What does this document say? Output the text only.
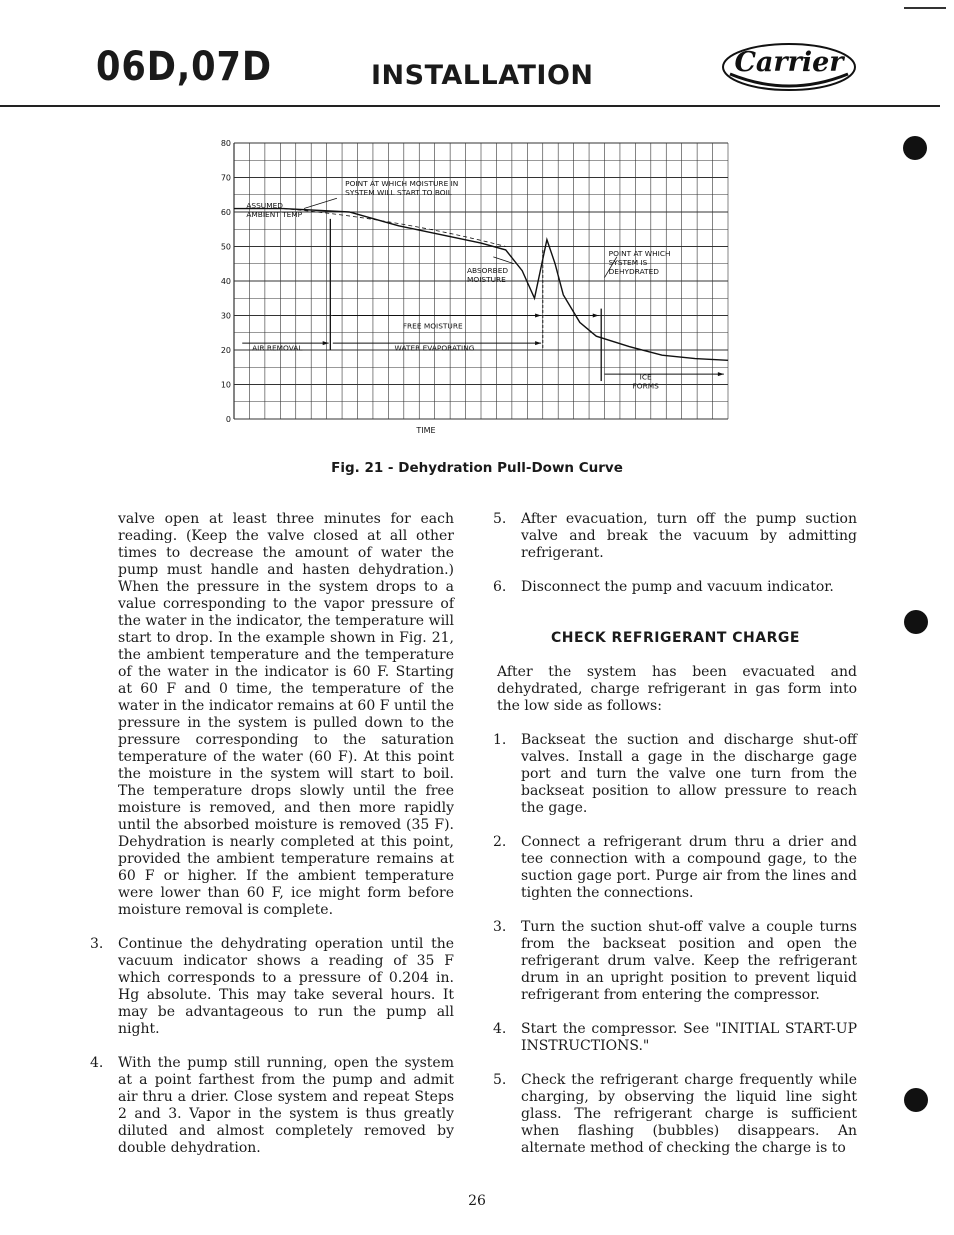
06D,07D	INSTALLATION	Carrier
0
10
20
30
40
50
60
70
80
TIME
POINT AT WHICH MOISTURE IN
SYSTEM WILL START TO BOIL
ASSUMED
AMBIENT TEMP
ABSORBED
MOISTURE
POINT AT WHICH
SYSTEM IS
DEHYDRATED
FREE MOISTURE
AIR REMOVAL	WATER EVAPORATING
ICE
FORMS
Fig. 21 - Dehydration Pull-Down Curve

valve open at least three minutes for each reading. (Keep the valve closed at all other times to decrease the amount of water the pump must handle and hasten dehydration.) When the pressure in the system drops to a value corresponding to the vapor pressure of the water in the indicator, the temperature will start to drop. In the example shown in Fig. 21, the ambient temperature and the temperature of the water in the indicator is 60 F. Starting at 60 F and 0 time, the temperature of the water in the indicator remains at 60 F until the pressure in the system is pulled down to the pressure corresponding to the saturation temperature of the water (60 F). At this point the moisture in the system will start to boil. The temperature drops slowly until the free moisture is removed, and then more rapidly until the absorbed moisture is removed (35 F). Dehydration is nearly completed at this point, provided the ambient temperature remains at 60 F or higher. If the ambient temperature were lower than 60 F, ice might form before moisture removal is complete.

3. Continue the dehydrating operation until the vacuum indicator shows a reading of 35 F which corresponds to a pressure of 0.204 in. Hg absolute. This may take several hours. It may be advantageous to run the pump all night.

4. With the pump still running, open the system at a point farthest from the pump and admit air thru a drier. Close system and repeat Steps 2 and 3. Vapor in the system is thus greatly diluted and almost completely removed by double dehydration.

5. After evacuation, turn off the pump suction valve and break the vacuum by admitting refrigerant.

6. Disconnect the pump and vacuum indicator.

CHECK REFRIGERANT CHARGE

After the system has been evacuated and dehydrated, charge refrigerant in gas form into the low side as follows:

1. Backseat the suction and discharge shut-off valves. Install a gage in the discharge gage port and turn the valve one turn from the backseat position to allow pressure to reach the gage.

2. Connect a refrigerant drum thru a drier and tee connection with a compound gage, to the suction gage port. Purge air from the lines and tighten the connections.

3. Turn the suction shut-off valve a couple turns from the backseat position and open the refrigerant drum valve. Keep the refrigerant drum in an upright position to prevent liquid refrigerant from entering the compressor.

4. Start the compressor. See "INITIAL START-UP INSTRUCTIONS."

5. Check the refrigerant charge frequently while charging, by observing the liquid line sight glass. The refrigerant charge is sufficient when flashing (bubbles) disappears. An alternate method of checking the charge is to

26
